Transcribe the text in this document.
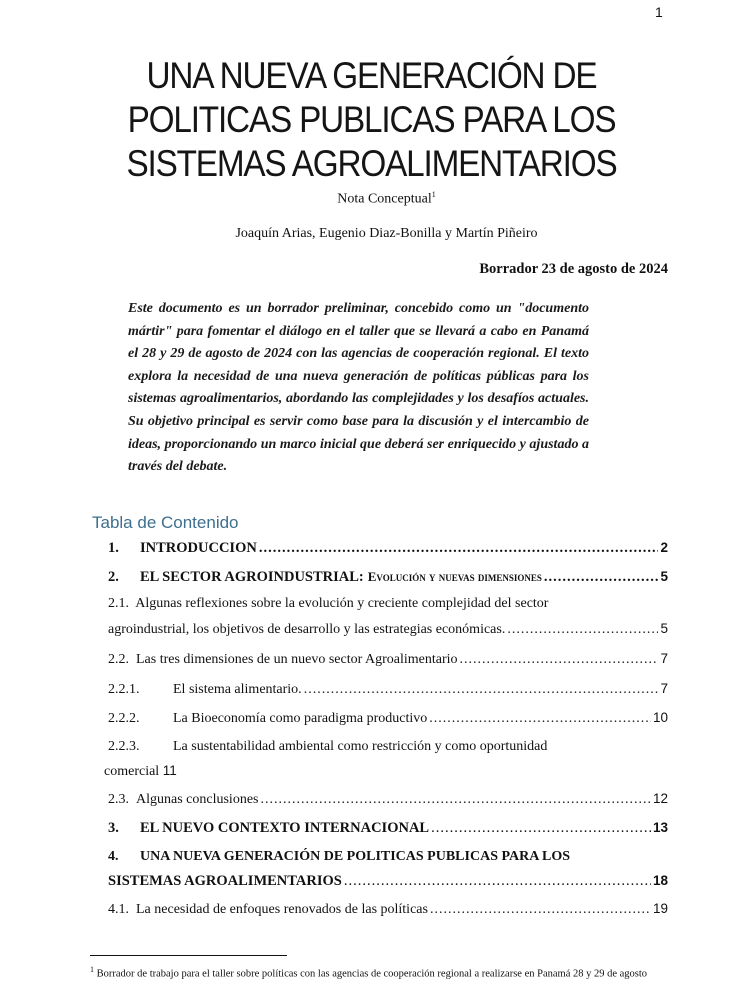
1
UNA NUEVA GENERACIÓN DE
POLITICAS PUBLICAS PARA LOS
SISTEMAS AGROALIMENTARIOS
Nota Conceptual$^1$
Joaquín Arias, Eugenio Diaz-Bonilla y Martín Piñeiro
Borrador 23 de agosto de 2024
Este documento es un borrador preliminar, concebido como un "documento mártir" para fomentar el diálogo en el taller que se llevará a cabo en Panamá el 28 y 29 de agosto de 2024 con las agencias de cooperación regional. El texto explora la necesidad de una nueva generación de políticas públicas para los sistemas agroalimentarios, abordando las complejidades y los desafíos actuales. Su objetivo principal es servir como base para la discusión y el intercambio de ideas, proporcionando un marco inicial que deberá ser enriquecido y ajustado a través del debate.
Tabla de Contenido
1.	INTRODUCCION .....	2
2.	EL SECTOR AGROINDUSTRIAL: Evolución y nuevas dimensiones .....	5
2.1. Algunas reflexiones sobre la evolución y creciente complejidad del sector
agroindustrial, los objetivos de desarrollo y las estrategias económicas. .....	5
2.2. Las tres dimensiones de un nuevo sector Agroalimentario .....	7
2.2.1.	El sistema alimentario. .....	7
2.2.2.	La Bioeconomía como paradigma productivo .....	10
2.2.3. La sustentabilidad ambiental como restricción y como oportunidad
comercial 11
2.3. Algunas conclusiones .....	12
3.	EL NUEVO CONTEXTO INTERNACIONAL .....	13
4. UNA NUEVA GENERACIÓN DE POLITICAS PUBLICAS PARA LOS
SISTEMAS AGROALIMENTARIOS .....	18
4.1. La necesidad de enfoques renovados de las políticas .....	19
$^1$ Borrador de trabajo para el taller sobre políticas con las agencias de cooperación regional a realizarse en Panamá 28 y 29 de agosto
